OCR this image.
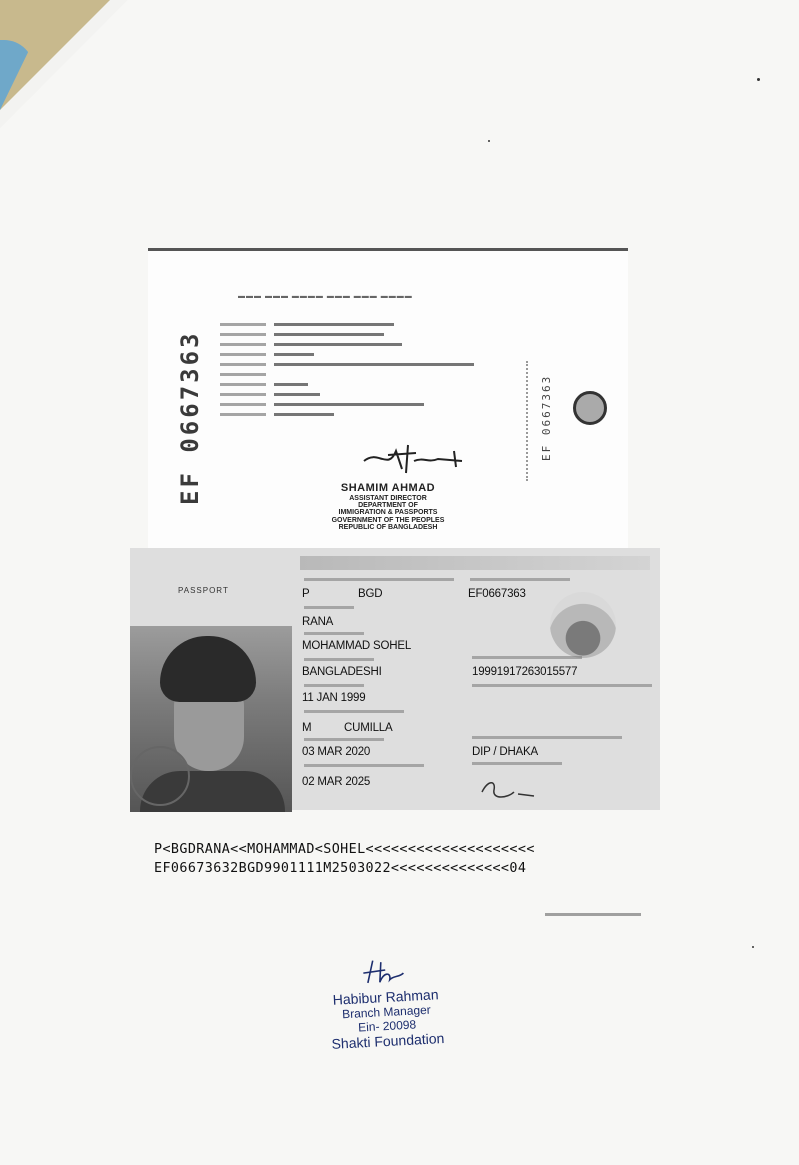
▬▬▬ ▬▬▬ ▬▬▬▬ ▬▬▬ ▬▬▬ ▬▬▬▬
EF 0667363	SHAMIM AHMAD
ASSISTANT DIRECTOR
DEPARTMENT OF
IMMIGRATION & PASSPORTS
GOVERNMENT OF THE PEOPLES
REPUBLIC OF BANGLADESH
EF 0667363
PASSPORT	P	BGD	EF0667363
RANA
MOHAMMAD SOHEL
BANGLADESHI	19991917263015577
11 JAN 1999
M	CUMILLA
03 MAR 2020	DIP / DHAKA
02 MAR 2025
P<BGDRANA<<MOHAMMAD<SOHEL<<<<<<<<<<<<<<<<<<<<
EF06673632BGD9901111M2503022<<<<<<<<<<<<<<04
Habibur Rahman
Branch Manager
Ein- 20098
Shakti Foundation
